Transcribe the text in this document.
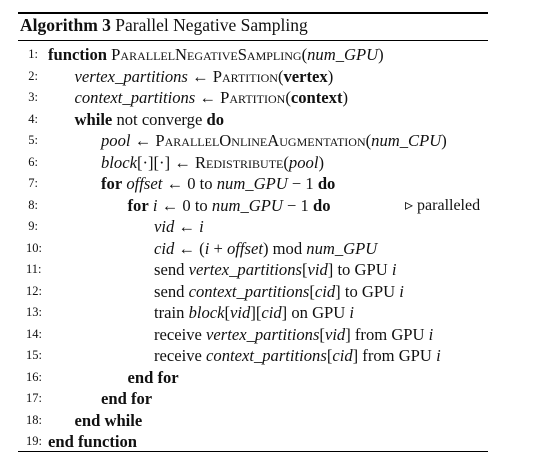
Algorithm 3 Parallel Negative Sampling
1: function ParallelNegativeSampling(num_GPU)
2: vertex_partitions ← Partition(vertex)
3: context_partitions ← Partition(context)
4: while not converge do
5:	pool ← ParallelOnlineAugmentation(num_CPU)
6:	block[·][·] ← Redistribute(pool)
7:	for offset ← 0 to num_GPU − 1 do
8:	for i ← 0 to num_GPU − 1 do	▹ paralleled
9:	vid ← i
10:	cid ← (i + offset) mod num_GPU
11:	send vertex_partitions[vid] to GPU i
12:	send context_partitions[cid] to GPU i
13:	train block[vid][cid] on GPU i
14:	receive vertex_partitions[vid] from GPU i
15:	receive context_partitions[cid] from GPU i
16:	end for
17:	end for
18: end while
19: end function
